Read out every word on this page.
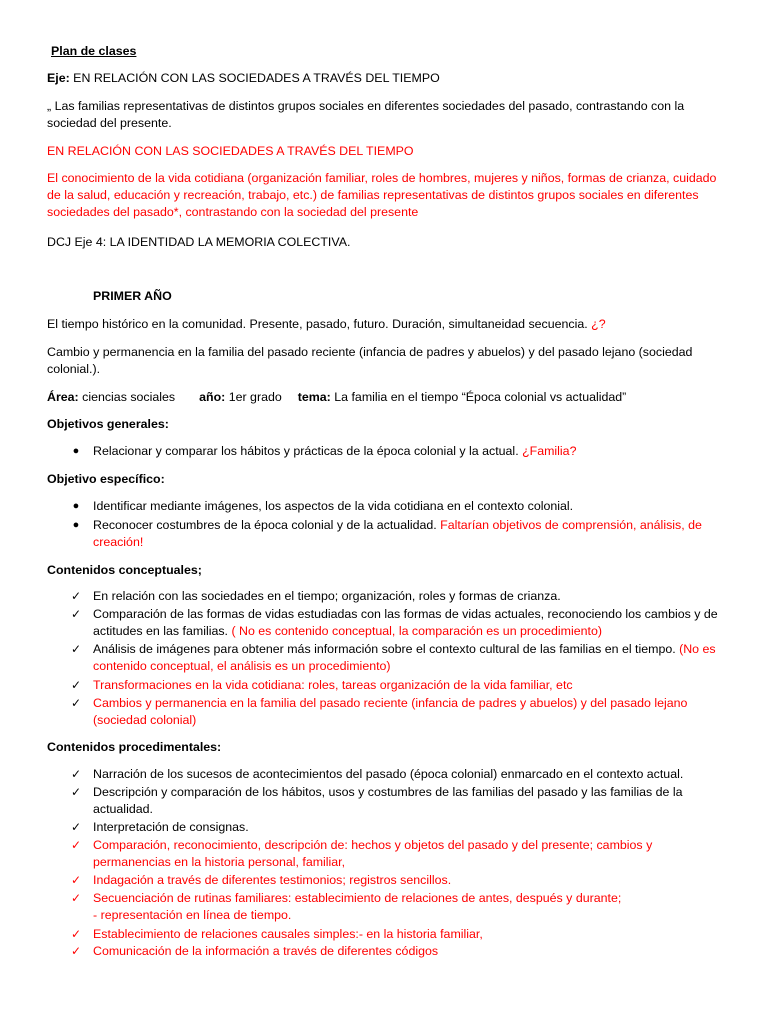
Plan de clases

Eje: EN RELACIÓN CON LAS SOCIEDADES A TRAVÉS DEL TIEMPO

„ Las familias representativas de distintos grupos sociales en diferentes sociedades del pasado, contrastando con la sociedad del presente.

EN RELACIÓN CON LAS SOCIEDADES A TRAVÉS DEL TIEMPO

El conocimiento de la vida cotidiana (organización familiar, roles de hombres, mujeres y niños, formas de crianza, cuidado de la salud, educación y recreación, trabajo, etc.) de familias representativas de distintos grupos sociales en diferentes sociedades del pasado*, contrastando con la sociedad del presente

DCJ Eje 4: LA IDENTIDAD LA MEMORIA COLECTIVA.

PRIMER AÑO

El tiempo histórico en la comunidad. Presente, pasado, futuro. Duración, simultaneidad secuencia. ¿?

Cambio y permanencia en la familia del pasado reciente (infancia de padres y abuelos) y del pasado lejano (sociedad colonial.).

Área: ciencias sociales año: 1er grado tema: La familia en el tiempo “Época colonial vs actualidad”

Objetivos generales:

● Relacionar y comparar los hábitos y prácticas de la época colonial y la actual. ¿Familia?

Objetivo específico:

● Identificar mediante imágenes, los aspectos de la vida cotidiana en el contexto colonial.

● Reconocer costumbres de la época colonial y de la actualidad. Faltarían objetivos de comprensión, análisis, de creación!

Contenidos conceptuales;

✓ En relación con las sociedades en el tiempo; organización, roles y formas de crianza.

✓ Comparación de las formas de vidas estudiadas con las formas de vidas actuales, reconociendo los cambios y de actitudes en las familias. ( No es contenido conceptual, la comparación es un procedimiento)

✓ Análisis de imágenes para obtener más información sobre el contexto cultural de las familias en el tiempo. (No es contenido conceptual, el análisis es un procedimiento)

✓ Transformaciones en la vida cotidiana: roles, tareas organización de la vida familiar, etc

✓ Cambios y permanencia en la familia del pasado reciente (infancia de padres y abuelos) y del pasado lejano (sociedad colonial)

Contenidos procedimentales:

✓ Narración de los sucesos de acontecimientos del pasado (época colonial) enmarcado en el contexto actual.

✓ Descripción y comparación de los hábitos, usos y costumbres de las familias del pasado y las familias de la actualidad.

✓ Interpretación de consignas.

✓ Comparación, reconocimiento, descripción de: hechos y objetos del pasado y del presente; cambios y permanencias en la historia personal, familiar,

✓ Indagación a través de diferentes testimonios; registros sencillos.

✓ Secuenciación de rutinas familiares: establecimiento de relaciones de antes, después y durante;

- representación en línea de tiempo.

✓ Establecimiento de relaciones causales simples:- en la historia familiar,

✓ Comunicación de la información a través de diferentes códigos
